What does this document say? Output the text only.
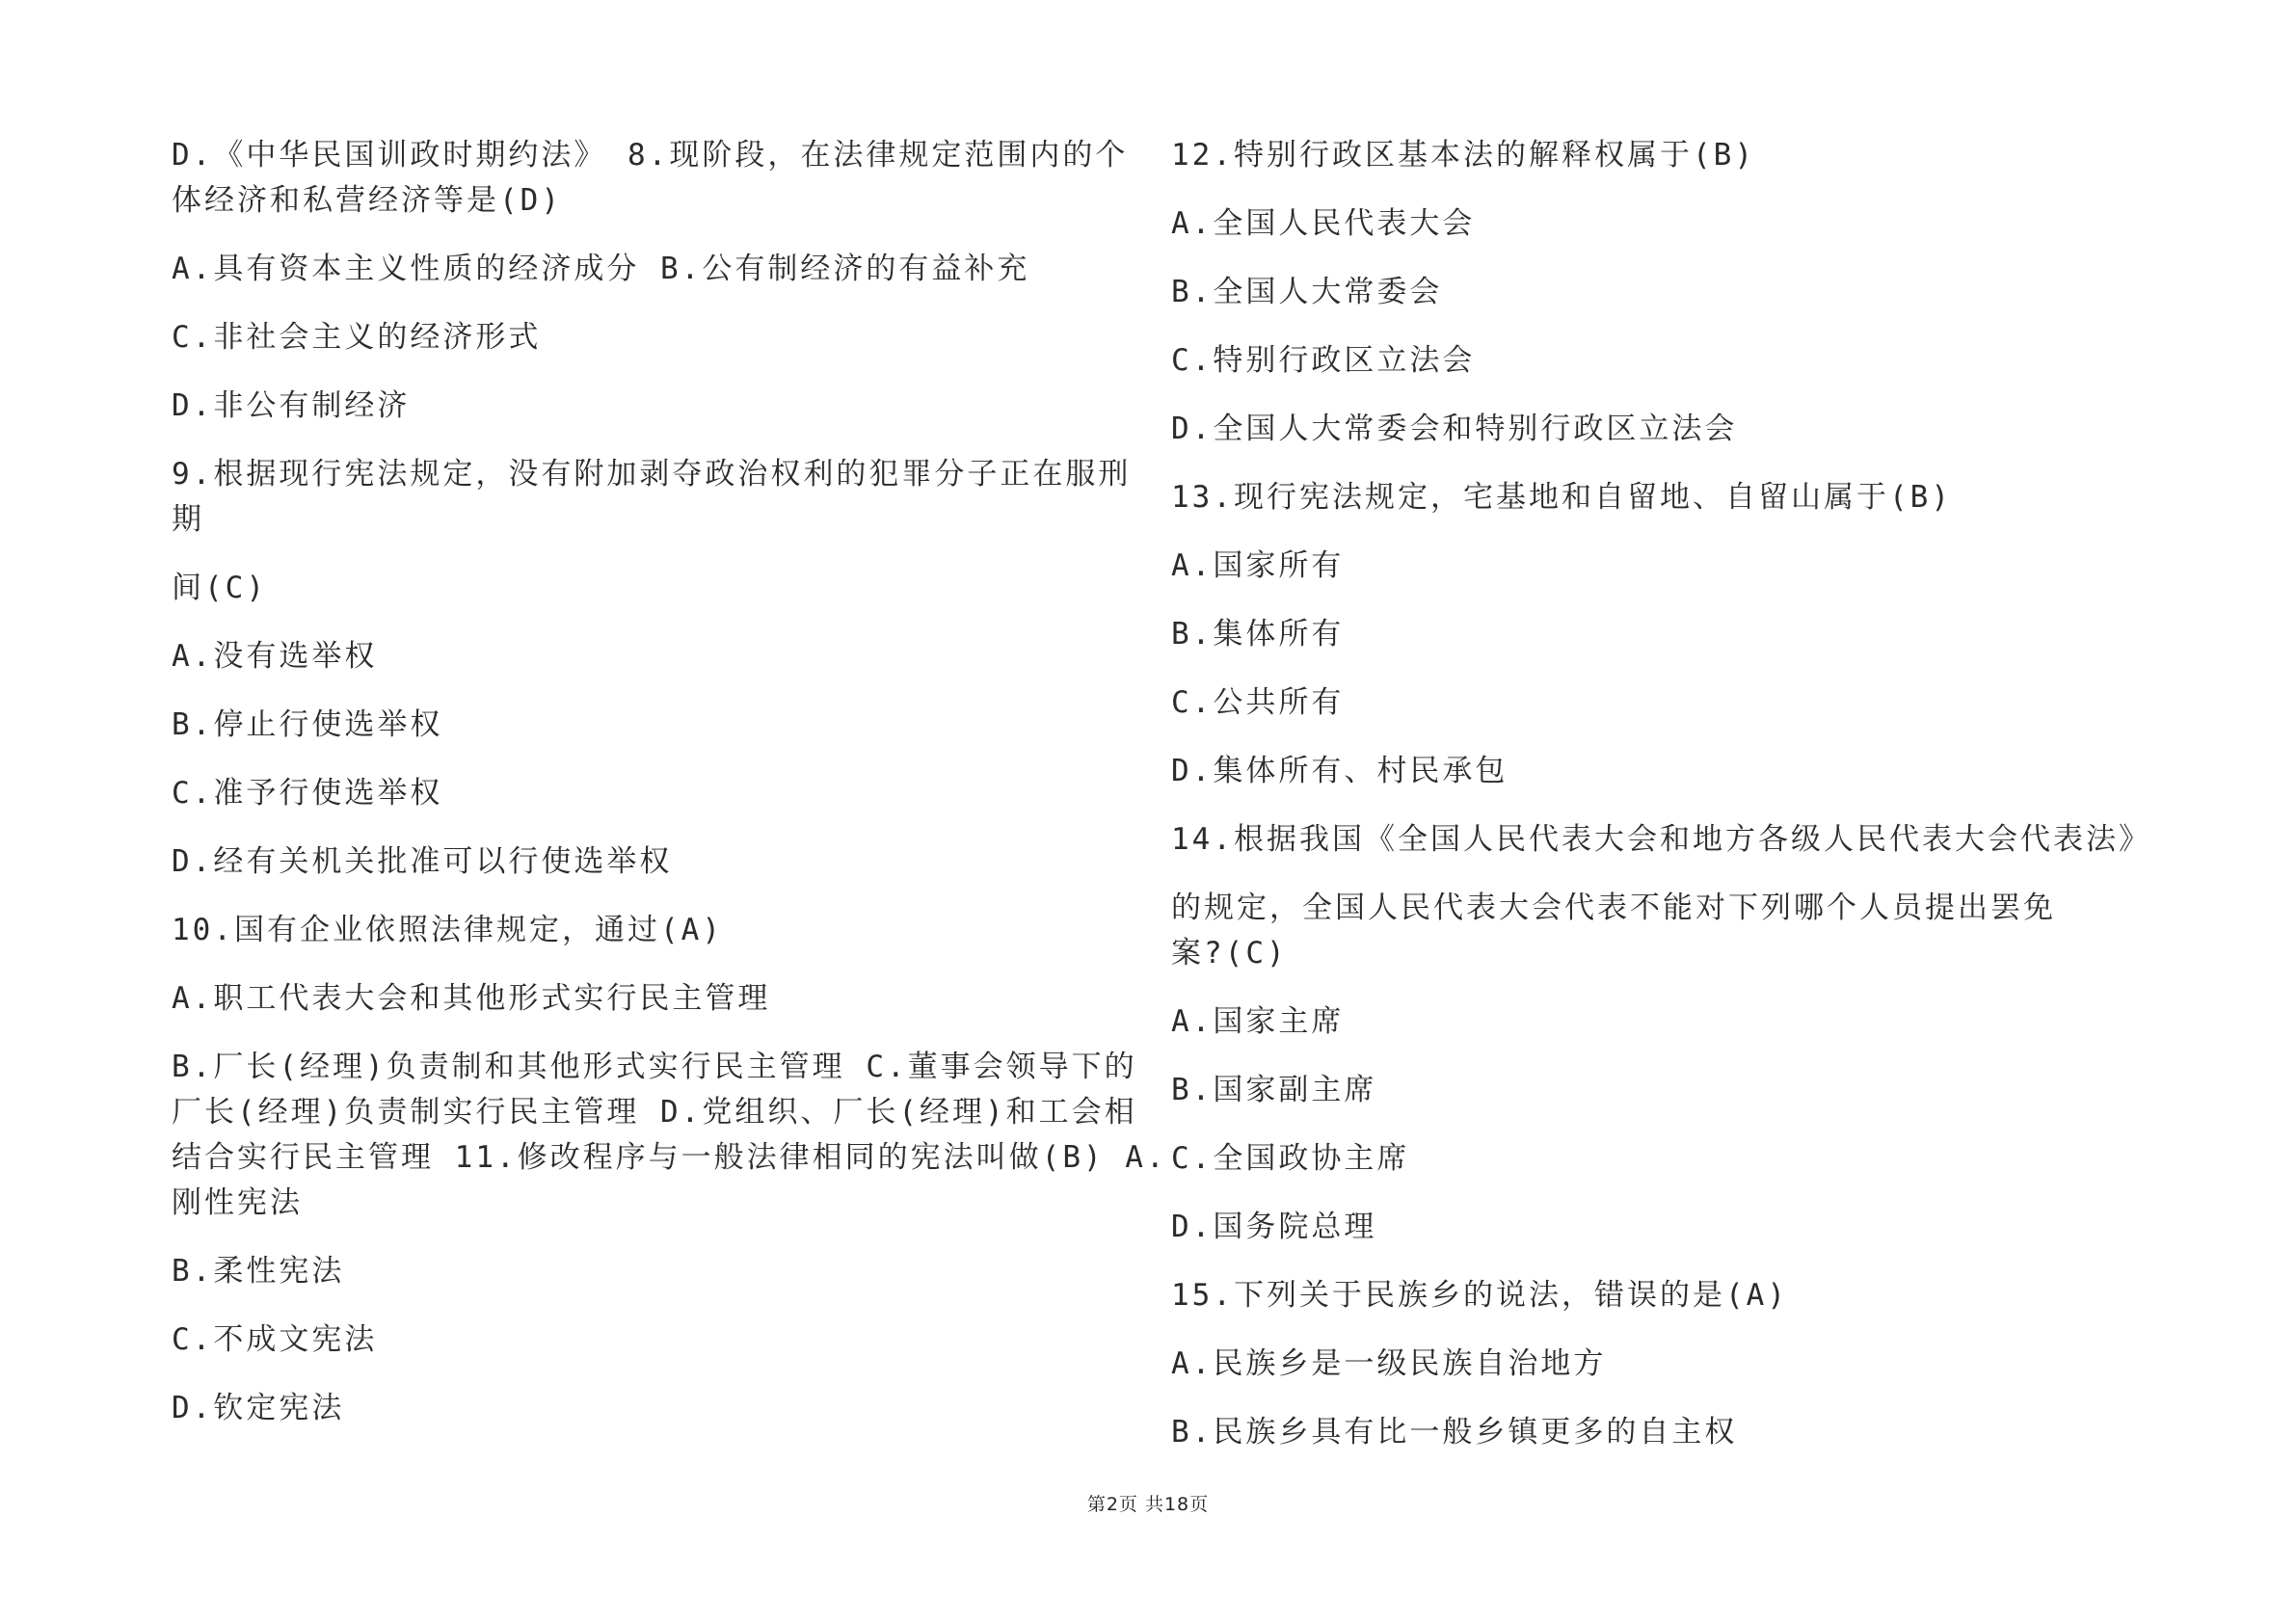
D.《中华民国训政时期约法》 8.现阶段，在法律规定范围内的个
体经济和私营经济等是(D)
A.具有资本主义性质的经济成分 B.公有制经济的有益补充
C.非社会主义的经济形式
D.非公有制经济
9.根据现行宪法规定，没有附加剥夺政治权利的犯罪分子正在服刑
期
间(C)
A.没有选举权
B.停止行使选举权
C.准予行使选举权
D.经有关机关批准可以行使选举权
10.国有企业依照法律规定，通过(A)
A.职工代表大会和其他形式实行民主管理
B.厂长(经理)负责制和其他形式实行民主管理 C.董事会领导下的
厂长(经理)负责制实行民主管理 D.党组织、厂长(经理)和工会相
结合实行民主管理 11.修改程序与一般法律相同的宪法叫做(B) A.
刚性宪法
B.柔性宪法
C.不成文宪法
D.钦定宪法
12.特别行政区基本法的解释权属于(B)
A.全国人民代表大会
B.全国人大常委会
C.特别行政区立法会
D.全国人大常委会和特别行政区立法会
13.现行宪法规定，宅基地和自留地、自留山属于(B)
A.国家所有
B.集体所有
C.公共所有
D.集体所有、村民承包
14.根据我国《全国人民代表大会和地方各级人民代表大会代表法》
的规定，全国人民代表大会代表不能对下列哪个人员提出罢免
案?(C)
A.国家主席
B.国家副主席
C.全国政协主席
D.国务院总理
15.下列关于民族乡的说法，错误的是(A)
A.民族乡是一级民族自治地方
B.民族乡具有比一般乡镇更多的自主权
第2页 共18页
